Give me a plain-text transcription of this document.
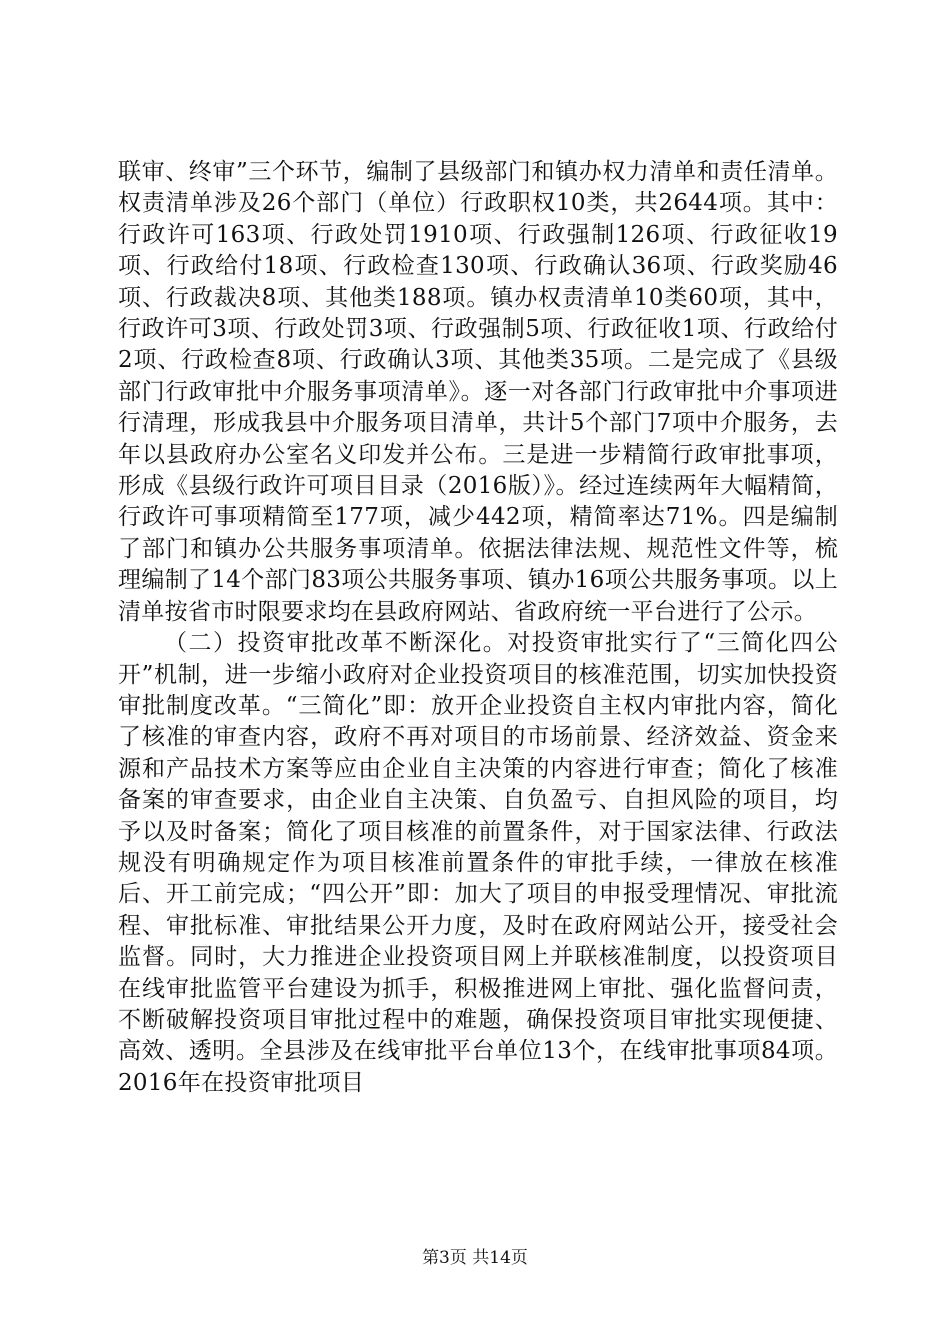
联审、终审”三个环节，编制了县级部门和镇办权力清单和责任清单。权责清单涉及26个部门（单位）行政职权10类，共2644项。其中：行政许可163项、行政处罚1910项、行政强制126项、行政征收19项、行政给付18项、行政检查130项、行政确认36项、行政奖励46项、行政裁决8项、其他类188项。镇办权责清单10类60项，其中，行政许可3项、行政处罚3项、行政强制5项、行政征收1项、行政给付2项、行政检查8项、行政确认3项、其他类35项。二是完成了《县级部门行政审批中介服务事项清单》。逐一对各部门行政审批中介事项进行清理，形成我县中介服务项目清单，共计5个部门7项中介服务，去年以县政府办公室名义印发并公布。三是进一步精简行政审批事项，形成《县级行政许可项目目录（2016版）》。经过连续两年大幅精简，行政许可事项精简至177项，减少442项，精简率达71%。四是编制了部门和镇办公共服务事项清单。依据法律法规、规范性文件等，梳理编制了14个部门83项公共服务事项、镇办16项公共服务事项。以上清单按省市时限要求均在县政府网站、省政府统一平台进行了公示。

（二）投资审批改革不断深化。对投资审批实行了“三简化四公开”机制，进一步缩小政府对企业投资项目的核准范围，切实加快投资审批制度改革。“三简化”即：放开企业投资自主权内审批内容，简化了核准的审查内容，政府不再对项目的市场前景、经济效益、资金来源和产品技术方案等应由企业自主决策的内容进行审查；简化了核准备案的审查要求，由企业自主决策、自负盈亏、自担风险的项目，均予以及时备案；简化了项目核准的前置条件，对于国家法律、行政法规没有明确规定作为项目核准前置条件的审批手续，一律放在核准后、开工前完成；“四公开”即：加大了项目的申报受理情况、审批流程、审批标准、审批结果公开力度，及时在政府网站公开，接受社会监督。同时，大力推进企业投资项目网上并联核准制度，以投资项目在线审批监管平台建设为抓手，积极推进网上审批、强化监督问责，不断破解投资项目审批过程中的难题，确保投资项目审批实现便捷、高效、透明。全县涉及在线审批平台单位13个，在线审批事项84项。2016年在投资审批项目

第3页 共14页
